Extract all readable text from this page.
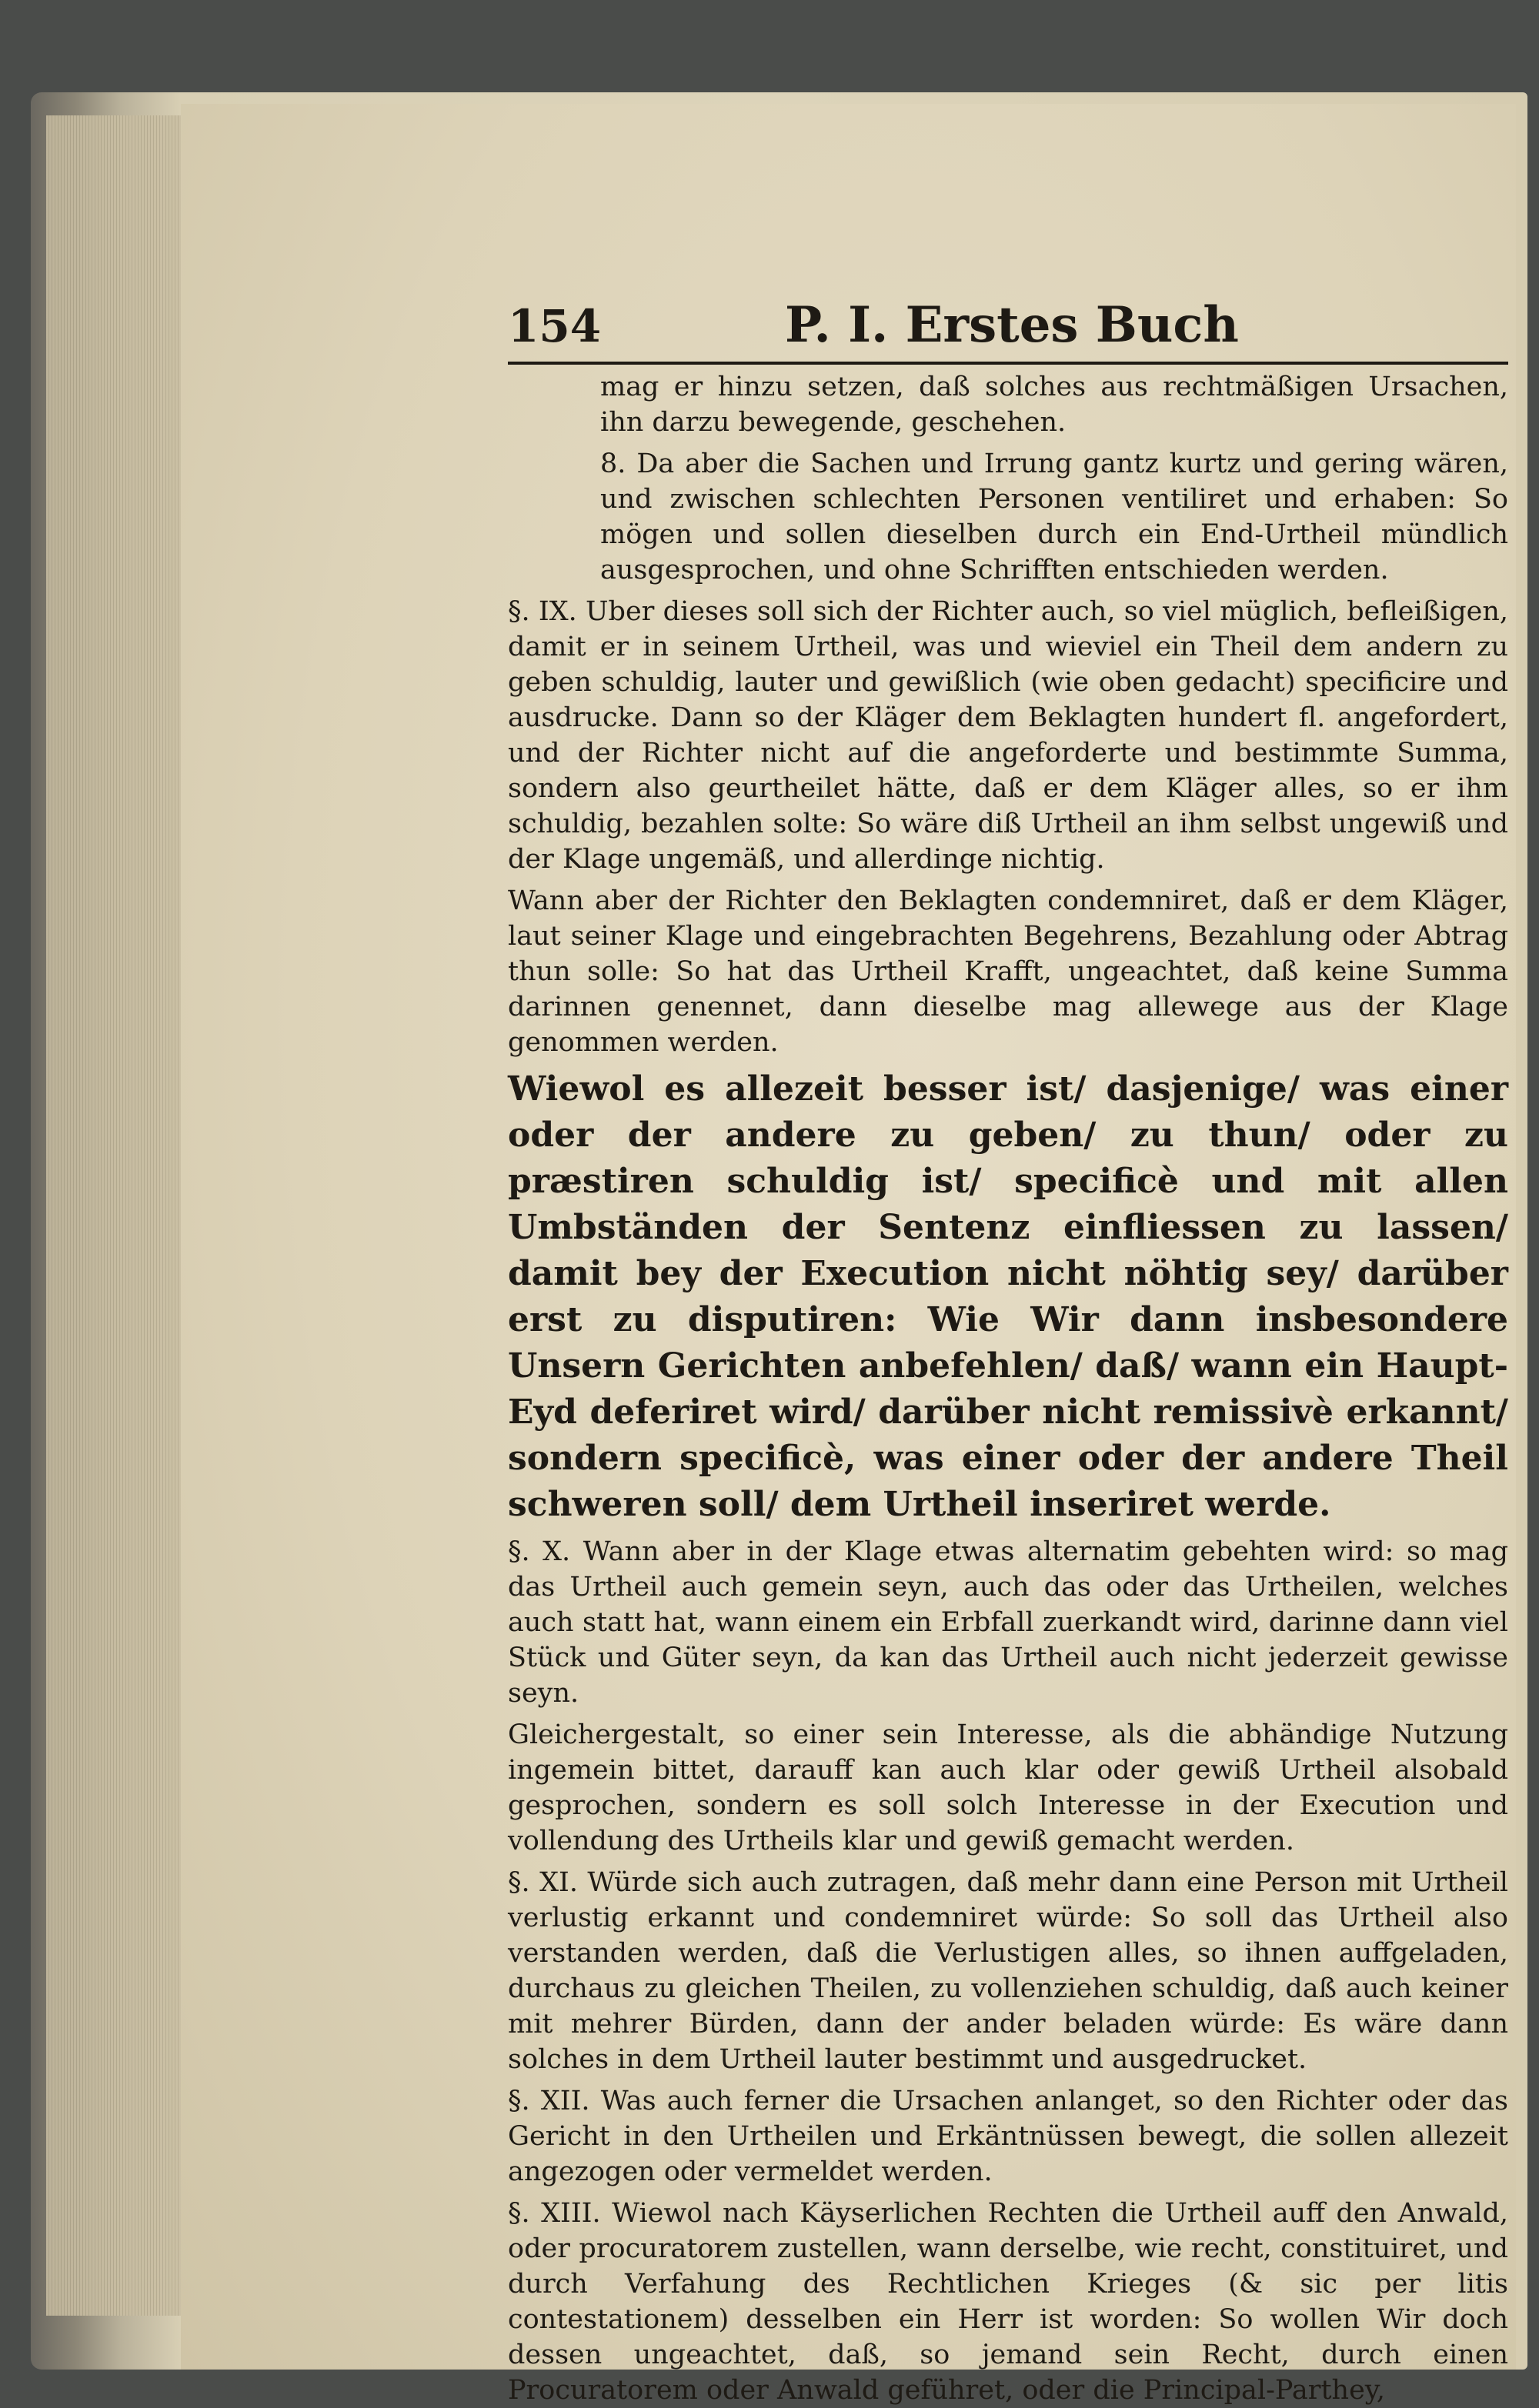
154	P. I. Erstes Buch

mag er hinzu setzen, daß solches aus rechtmäßigen Ursachen, ihn darzu bewegende, geschehen.

8. Da aber die Sachen und Irrung gantz kurtz und gering wären, und zwischen schlechten Personen ventiliret und erhaben: So mögen und sollen dieselben durch ein End-Urtheil mündlich ausgesprochen, und ohne Schrifften entschieden werden.

§. IX. Uber dieses soll sich der Richter auch, so viel müglich, befleißigen, damit er in seinem Urtheil, was und wieviel ein Theil dem andern zu geben schuldig, lauter und gewißlich (wie oben gedacht) specificire und ausdrucke. Dann so der Kläger dem Beklagten hundert fl. angefordert, und der Richter nicht auf die angeforderte und bestimmte Summa, sondern also geurtheilet hätte, daß er dem Kläger alles, so er ihm schuldig, bezahlen solte: So wäre diß Urtheil an ihm selbst ungewiß und der Klage ungemäß, und allerdinge nichtig.

Wann aber der Richter den Beklagten condemniret, daß er dem Kläger, laut seiner Klage und eingebrachten Begehrens, Bezahlung oder Abtrag thun solle: So hat das Urtheil Krafft, ungeachtet, daß keine Summa darinnen genennet, dann dieselbe mag allewege aus der Klage genommen werden.

Wiewol es allezeit besser ist/ dasjenige/ was einer oder der andere zu geben/ zu thun/ oder zu præstiren schuldig ist/ specificè und mit allen Umbständen der Sentenz einfliessen zu lassen/ damit bey der Execution nicht nöhtig sey/ darüber erst zu disputiren: Wie Wir dann insbesondere Unsern Gerichten anbefehlen/ daß/ wann ein Haupt-Eyd deferiret wird/ darüber nicht remissivè erkannt/ sondern specificè, was einer oder der andere Theil schweren soll/ dem Urtheil inseriret werde.

§. X. Wann aber in der Klage etwas alternatim gebehten wird: so mag das Urtheil auch gemein seyn, auch das oder das Urtheilen, welches auch statt hat, wann einem ein Erbfall zuerkandt wird, darinne dann viel Stück und Güter seyn, da kan das Urtheil auch nicht jederzeit gewisse seyn.

Gleichergestalt, so einer sein Interesse, als die abhändige Nutzung ingemein bittet, darauff kan auch klar oder gewiß Urtheil alsobald gesprochen, sondern es soll solch Interesse in der Execution und vollendung des Urtheils klar und gewiß gemacht werden.

§. XI. Würde sich auch zutragen, daß mehr dann eine Person mit Urtheil verlustig erkannt und condemniret würde: So soll das Urtheil also verstanden werden, daß die Verlustigen alles, so ihnen auffgeladen, durchaus zu gleichen Theilen, zu vollenziehen schuldig, daß auch keiner mit mehrer Bürden, dann der ander beladen würde: Es wäre dann solches in dem Urtheil lauter bestimmt und ausgedrucket.

§. XII. Was auch ferner die Ursachen anlanget, so den Richter oder das Gericht in den Urtheilen und Erkäntnüssen bewegt, die sollen allezeit angezogen oder vermeldet werden.

§. XIII. Wiewol nach Käyserlichen Rechten die Urtheil auff den Anwald, oder procuratorem zustellen, wann derselbe, wie recht, constituiret, und durch Verfahung des Rechtlichen Krieges (& sic per litis contestationem) desselben ein Herr ist worden: So wollen Wir doch dessen ungeachtet, daß, so jemand sein Recht, durch einen Procuratorem oder Anwald geführet, oder die Principal-Parthey,
